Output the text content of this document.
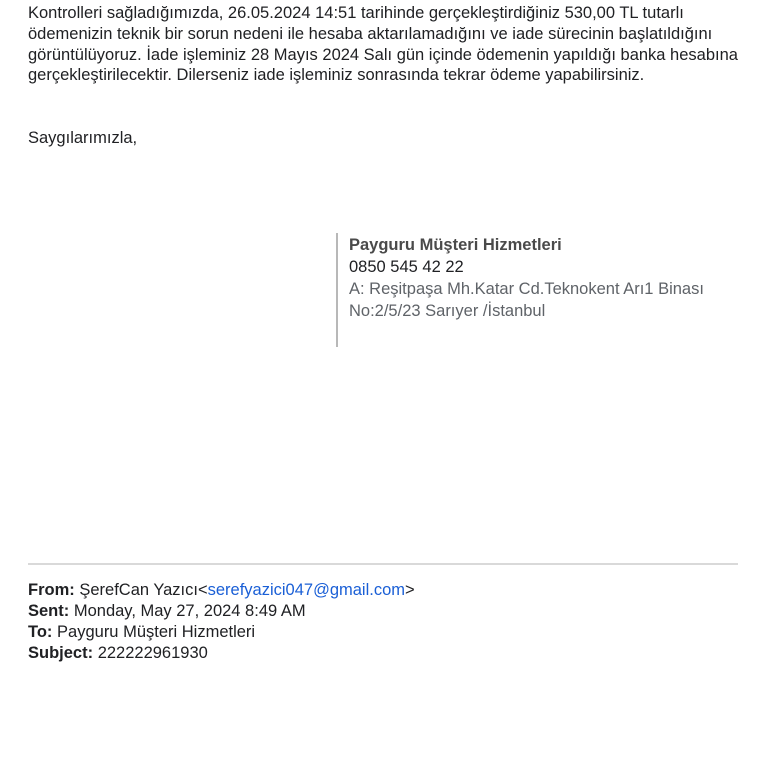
Kontrolleri sağladığımızda, 26.05.2024 14:51 tarihinde gerçekleştirdiğiniz 530,00 TL tutarlı ödemenizin teknik bir sorun nedeni ile hesaba aktarılamadığını ve iade sürecinin başlatıldığını görüntülüyoruz. İade işleminiz 28 Mayıs 2024 Salı gün içinde ödemenin yapıldığı banka hesabına gerçekleştirilecektir. Dilerseniz iade işleminiz sonrasında tekrar ödeme yapabilirsiniz.

Saygılarımızla,

Payguru Müşteri Hizmetleri
0850 545 42 22
A: Reşitpaşa Mh.Katar Cd.Teknokent Arı1 Binası
No:2/5/23 Sarıyer /İstanbul
From: ŞerefCan Yazıcı<serefyazici047@gmail.com>
Sent: Monday, May 27, 2024 8:49 AM
To: Payguru Müşteri Hizmetleri
Subject: 222222961930
